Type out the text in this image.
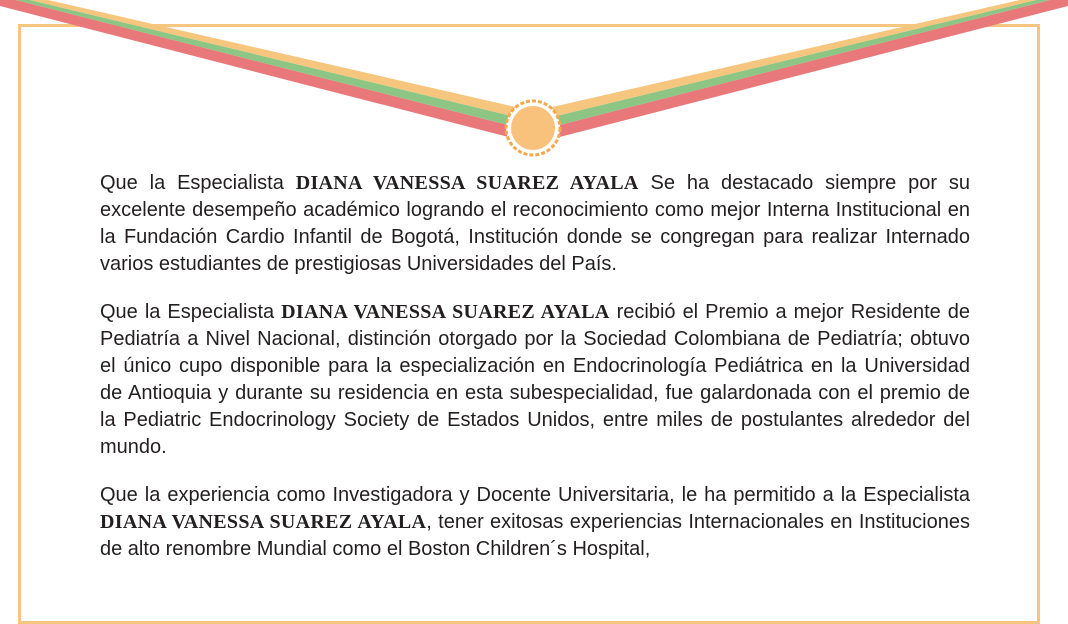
Que la Especialista DIANA VANESSA SUAREZ AYALA Se ha destacado siempre por su excelente desempeño académico logrando el reconocimiento como mejor Interna Institucional en la Fundación Cardio Infantil de Bogotá, Institución donde se congregan para realizar Internado varios estudiantes de prestigiosas Universidades del País.

Que la Especialista DIANA VANESSA SUAREZ AYALA recibió el Premio a mejor Residente de Pediatría a Nivel Nacional, distinción otorgado por la Sociedad Colombiana de Pediatría; obtuvo el único cupo disponible para la especialización en Endocrinología Pediátrica en la Universidad de Antioquia y durante su residencia en esta subespecialidad, fue galardonada con el premio de la Pediatric Endocrinology Society de Estados Unidos, entre miles de postulantes alrededor del mundo.

Que la experiencia como Investigadora y Docente Universitaria, le ha permitido a la Especialista DIANA VANESSA SUAREZ AYALA, tener exitosas experiencias Internacionales en Instituciones de alto renombre Mundial como el Boston Children´s Hospital,
